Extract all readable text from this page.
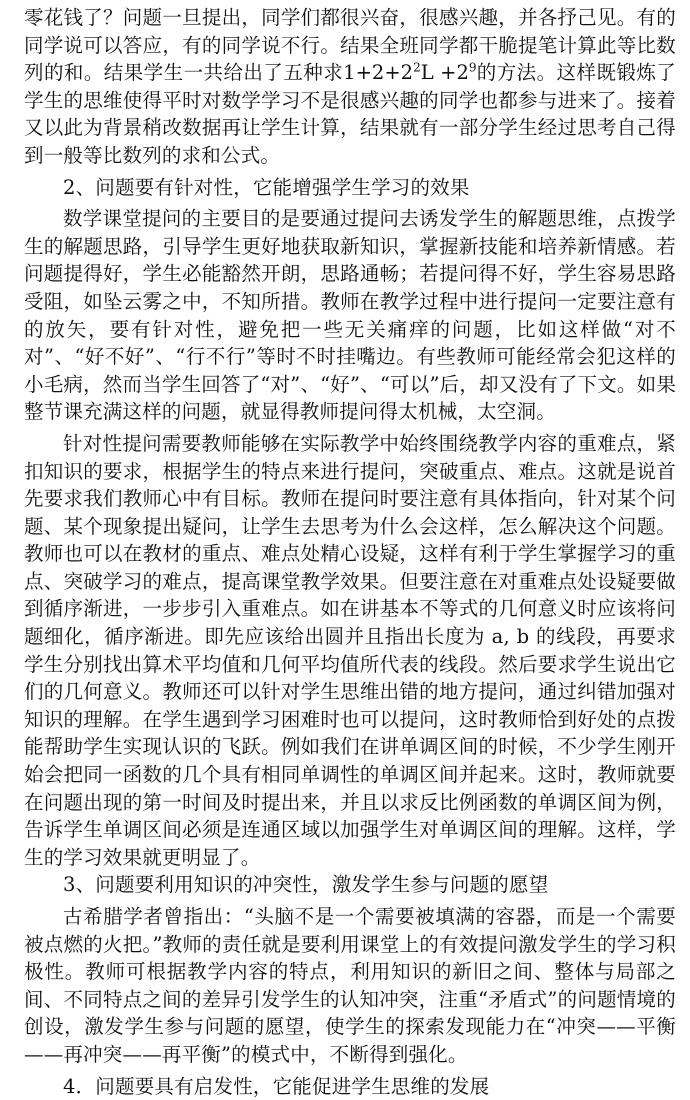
零花钱了？问题一旦提出，同学们都很兴奋，很感兴趣，并各抒己见。有的同学说可以答应，有的同学说不行。结果全班同学都干脆提笔计算此等比数列的和。结果学生一共给出了五种求$1+2+2^2L +2^9$的方法。这样既锻炼了学生的思维使得平时对数学学习不是很感兴趣的同学也都参与进来了。接着又以此为背景稍改数据再让学生计算，结果就有一部分学生经过思考自己得到一般等比数列的求和公式。

2、问题要有针对性，它能增强学生学习的效果

数学课堂提问的主要目的是要通过提问去诱发学生的解题思维，点拨学生的解题思路，引导学生更好地获取新知识，掌握新技能和培养新情感。若问题提得好，学生必能豁然开朗，思路通畅；若提问得不好，学生容易思路受阻，如坠云雾之中，不知所措。教师在教学过程中进行提问一定要注意有的放矢，要有针对性，避免把一些无关痛痒的问题，比如这样做“对不对”、“好不好”、“行不行”等时不时挂嘴边。有些教师可能经常会犯这样的小毛病，然而当学生回答了“对”、“好”、“可以”后，却又没有了下文。如果整节课充满这样的问题，就显得教师提问得太机械，太空洞。

针对性提问需要教师能够在实际教学中始终围绕教学内容的重难点，紧扣知识的要求，根据学生的特点来进行提问，突破重点、难点。这就是说首先要求我们教师心中有目标。教师在提问时要注意有具体指向，针对某个问题、某个现象提出疑问，让学生去思考为什么会这样，怎么解决这个问题。教师也可以在教材的重点、难点处精心设疑，这样有利于学生掌握学习的重点、突破学习的难点，提高课堂教学效果。但要注意在对重难点处设疑要做到循序渐进，一步步引入重难点。如在讲基本不等式的几何意义时应该将问题细化，循序渐进。即先应该给出圆并且指出长度为 a, b 的线段，再要求学生分别找出算术平均值和几何平均值所代表的线段。然后要求学生说出它们的几何意义。教师还可以针对学生思维出错的地方提问，通过纠错加强对知识的理解。在学生遇到学习困难时也可以提问，这时教师恰到好处的点拨能帮助学生实现认识的飞跃。例如我们在讲单调区间的时候，不少学生刚开始会把同一函数的几个具有相同单调性的单调区间并起来。这时，教师就要在问题出现的第一时间及时提出来，并且以求反比例函数的单调区间为例，告诉学生单调区间必须是连通区域以加强学生对单调区间的理解。这样，学生的学习效果就更明显了。

3、问题要利用知识的冲突性，激发学生参与问题的愿望

古希腊学者曾指出：“头脑不是一个需要被填满的容器，而是一个需要被点燃的火把。”教师的责任就是要利用课堂上的有效提问激发学生的学习积极性。教师可根据教学内容的特点，利用知识的新旧之间、整体与局部之间、不同特点之间的差异引发学生的认知冲突，注重“矛盾式”的问题情境的创设，激发学生参与问题的愿望，使学生的探索发现能力在“冲突——平衡——再冲突——再平衡”的模式中，不断得到强化。

4．问题要具有启发性，它能促进学生思维的发展
